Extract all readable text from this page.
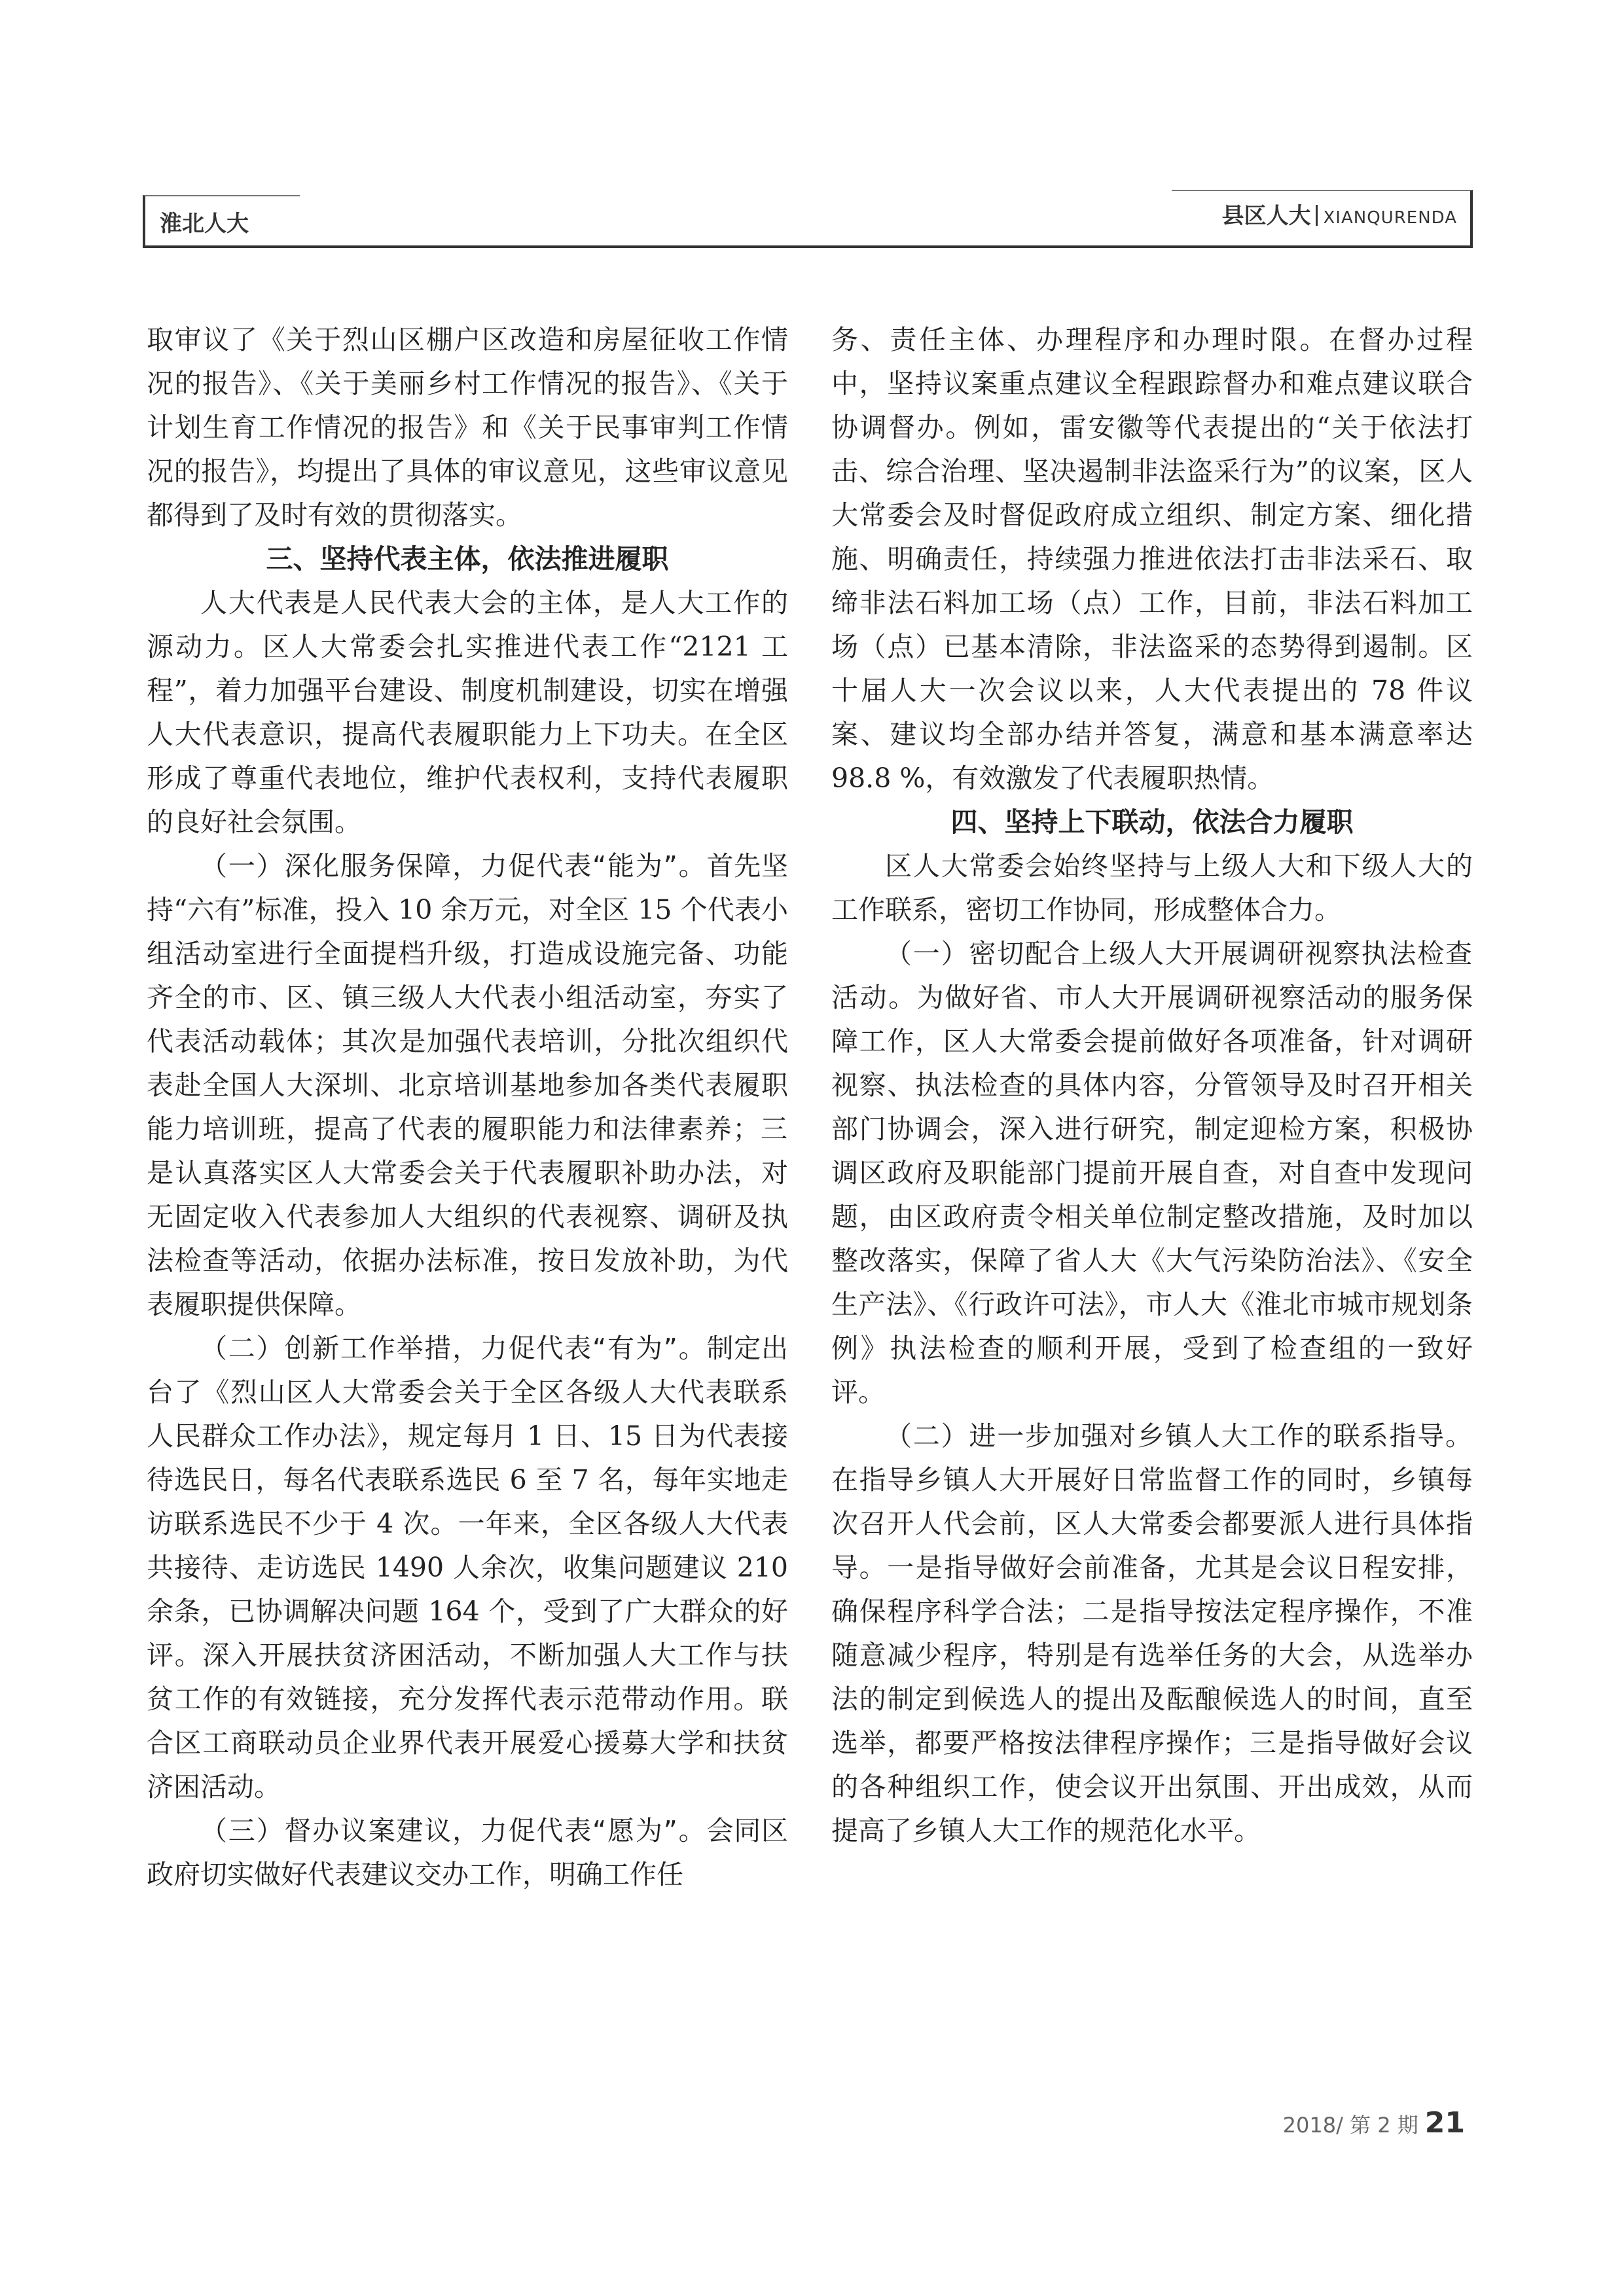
淮北人大	县区人大 XIANQURENDA

取审议了《关于烈山区棚户区改造和房屋征收工作情况的报告》、《关于美丽乡村工作情况的报告》、《关于计划生育工作情况的报告》和《关于民事审判工作情况的报告》，均提出了具体的审议意见，这些审议意见都得到了及时有效的贯彻落实。

三、坚持代表主体，依法推进履职

人大代表是人民代表大会的主体，是人大工作的源动力。区人大常委会扎实推进代表工作“2121 工程”，着力加强平台建设、制度机制建设，切实在增强人大代表意识，提高代表履职能力上下功夫。在全区形成了尊重代表地位，维护代表权利，支持代表履职的良好社会氛围。

（一）深化服务保障，力促代表“能为”。首先坚持“六有”标准，投入 10 余万元，对全区 15 个代表小组活动室进行全面提档升级，打造成设施完备、功能齐全的市、区、镇三级人大代表小组活动室，夯实了代表活动载体；其次是加强代表培训，分批次组织代表赴全国人大深圳、北京培训基地参加各类代表履职能力培训班，提高了代表的履职能力和法律素养；三是认真落实区人大常委会关于代表履职补助办法，对无固定收入代表参加人大组织的代表视察、调研及执法检查等活动，依据办法标准，按日发放补助，为代表履职提供保障。

（二）创新工作举措，力促代表“有为”。制定出台了《烈山区人大常委会关于全区各级人大代表联系人民群众工作办法》，规定每月 1 日、15 日为代表接待选民日，每名代表联系选民 6 至 7 名，每年实地走访联系选民不少于 4 次。一年来，全区各级人大代表共接待、走访选民 1490 人余次，收集问题建议 210 余条，已协调解决问题 164 个，受到了广大群众的好评。深入开展扶贫济困活动，不断加强人大工作与扶贫工作的有效链接，充分发挥代表示范带动作用。联合区工商联动员企业界代表开展爱心援募大学和扶贫济困活动。

（三）督办议案建议，力促代表“愿为”。会同区政府切实做好代表建议交办工作，明确工作任

务、责任主体、办理程序和办理时限。在督办过程中，坚持议案重点建议全程跟踪督办和难点建议联合协调督办。例如，雷安徽等代表提出的“关于依法打击、综合治理、坚决遏制非法盗采行为”的议案，区人大常委会及时督促政府成立组织、制定方案、细化措施、明确责任，持续强力推进依法打击非法采石、取缔非法石料加工场（点）工作，目前，非法石料加工场（点）已基本清除，非法盗采的态势得到遏制。区十届人大一次会议以来，人大代表提出的 78 件议案、建议均全部办结并答复，满意和基本满意率达 98.8 %，有效激发了代表履职热情。

四、坚持上下联动，依法合力履职

区人大常委会始终坚持与上级人大和下级人大的工作联系，密切工作协同，形成整体合力。

（一）密切配合上级人大开展调研视察执法检查活动。为做好省、市人大开展调研视察活动的服务保障工作，区人大常委会提前做好各项准备，针对调研视察、执法检查的具体内容，分管领导及时召开相关部门协调会，深入进行研究，制定迎检方案，积极协调区政府及职能部门提前开展自查，对自查中发现问题，由区政府责令相关单位制定整改措施，及时加以整改落实，保障了省人大《大气污染防治法》、《安全生产法》、《行政许可法》，市人大《淮北市城市规划条例》执法检查的顺利开展，受到了检查组的一致好评。

（二）进一步加强对乡镇人大工作的联系指导。在指导乡镇人大开展好日常监督工作的同时，乡镇每次召开人代会前，区人大常委会都要派人进行具体指导。一是指导做好会前准备，尤其是会议日程安排，确保程序科学合法；二是指导按法定程序操作，不准随意减少程序，特别是有选举任务的大会，从选举办法的制定到候选人的提出及酝酿候选人的时间，直至选举，都要严格按法律程序操作；三是指导做好会议的各种组织工作，使会议开出氛围、开出成效，从而提高了乡镇人大工作的规范化水平。

2018/ 第 2 期 21
